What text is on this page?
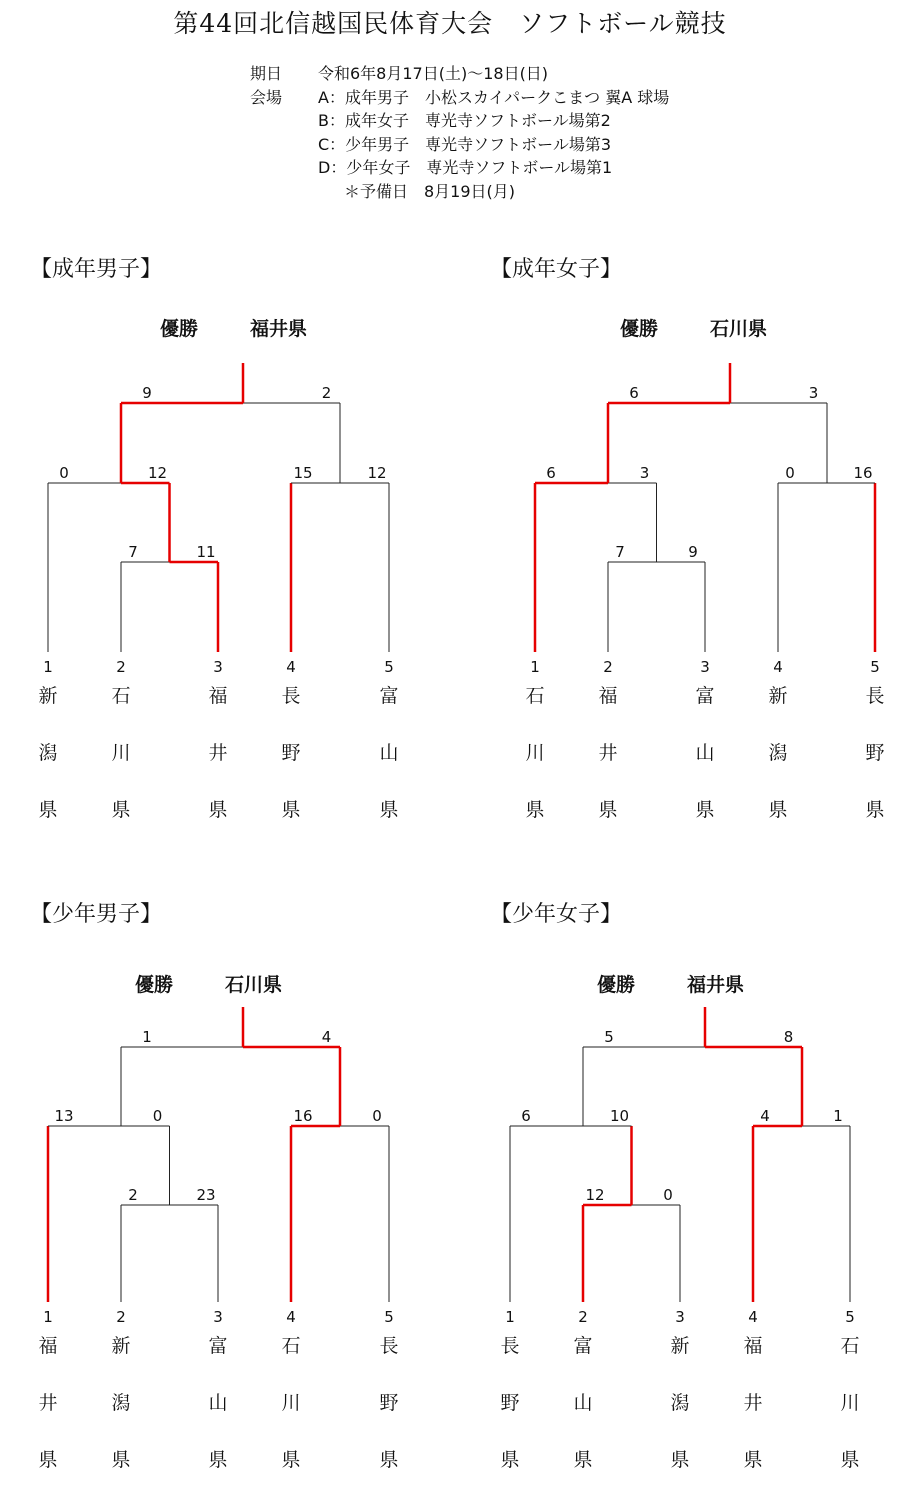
第44回北信越国民体育大会　ソフトボール競技
期日 令和6年8月17日(土)～18日(日)
会場 A：成年男子　小松スカイパークこまつ 翼A 球場
B：成年女子　専光寺ソフトボール場第2
C：少年男子　専光寺ソフトボール場第3
D：少年女子　専光寺ソフトボール場第1
＊予備日　8月19日(月)
【成年男子】
優勝	福井県
9	2
0	12	15	12
7	11
1
新
潟
県
2
石
川
県
3
福
井
県
4
長
野
県
5
富
山
県
【成年女子】
優勝	石川県
6	3
6	3	0	16
7	9
1
石
川
県
2
福
井
県
3
富
山
県
4
新
潟
県
5
長
野
県
【少年男子】
優勝	石川県
1	4
13	0	16	0
2	23
1
福
井
県
2
新
潟
県
3
富
山
県
4
石
川
県
5
長
野
県
【少年女子】
優勝	福井県
5	8
6	10	4	1
12	0
1
長
野
県
2
富
山
県
3
新
潟
県
4
福
井
県
5
石
川
県
